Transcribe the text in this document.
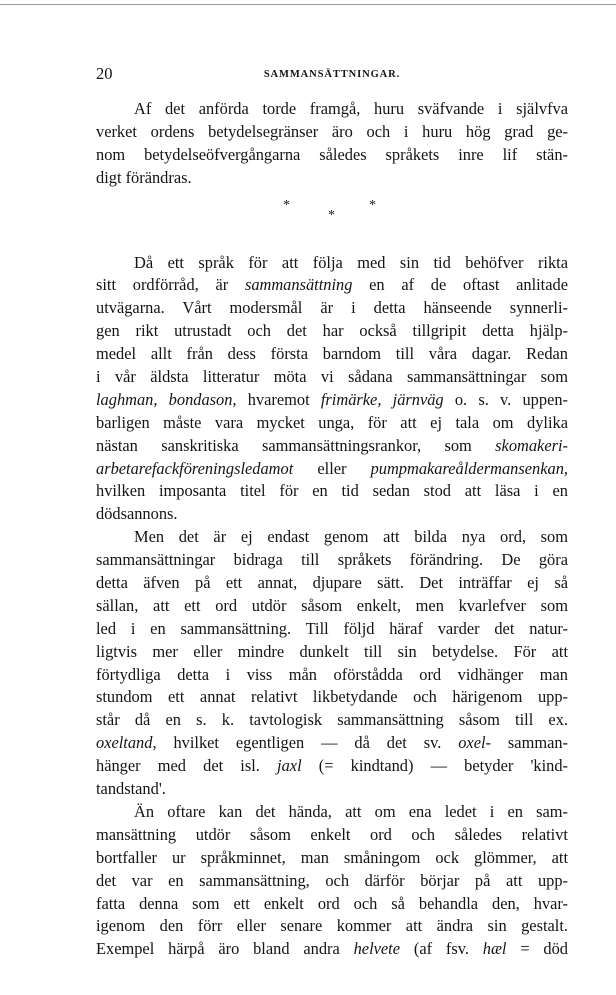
20	SAMMANSÄTTNINGAR.
Af det anförda torde framgå, huru sväfvande i självfva
verket ordens betydelsegränser äro och i huru hög grad ge-
nom betydelseöfvergångarna således språkets inre lif stän-
digt förändras.
*
*
*
Då ett språk för att följa med sin tid behöfver rikta
sitt ordförråd, är sammansättning en af de oftast anlitade
utvägarna. Vårt modersmål är i detta hänseende synnerli-
gen rikt utrustadt och det har också tillgripit detta hjälp-
medel allt från dess första barndom till våra dagar. Redan
i vår äldsta litteratur möta vi sådana sammansättningar som
laghman, bondason, hvaremot frimärke, järnväg o. s. v. uppen-
barligen måste vara mycket unga, för att ej tala om dylika
nästan sanskritiska sammansättningsrankor, som skomakeri-
arbetarefackföreningsledamot eller pumpmakareåldermansenkan,
hvilken imposanta titel för en tid sedan stod att läsa i en
dödsannons.
Men det är ej endast genom att bilda nya ord, som
sammansättningar bidraga till språkets förändring. De göra
detta äfven på ett annat, djupare sätt. Det inträffar ej så
sällan, att ett ord utdör såsom enkelt, men kvarlefver som
led i en sammansättning. Till följd häraf varder det natur-
ligtvis mer eller mindre dunkelt till sin betydelse. För att
förtydliga detta i viss mån oförstådda ord vidhänger man
stundom ett annat relativt likbetydande och härigenom upp-
står då en s. k. tavtologisk sammansättning såsom till ex.
oxeltand, hvilket egentligen — då det sv. oxel- samman-
hänger med det isl. jaxl (= kindtand) — betyder 'kind-
tandstand'.
Än oftare kan det hända, att om ena ledet i en sam-
mansättning utdör såsom enkelt ord och således relativt
bortfaller ur språkminnet, man småningom ock glömmer, att
det var en sammansättning, och därför börjar på att upp-
fatta denna som ett enkelt ord och så behandla den, hvar-
igenom den förr eller senare kommer att ändra sin gestalt.
Exempel härpå äro bland andra helvete (af fsv. hæl = död
